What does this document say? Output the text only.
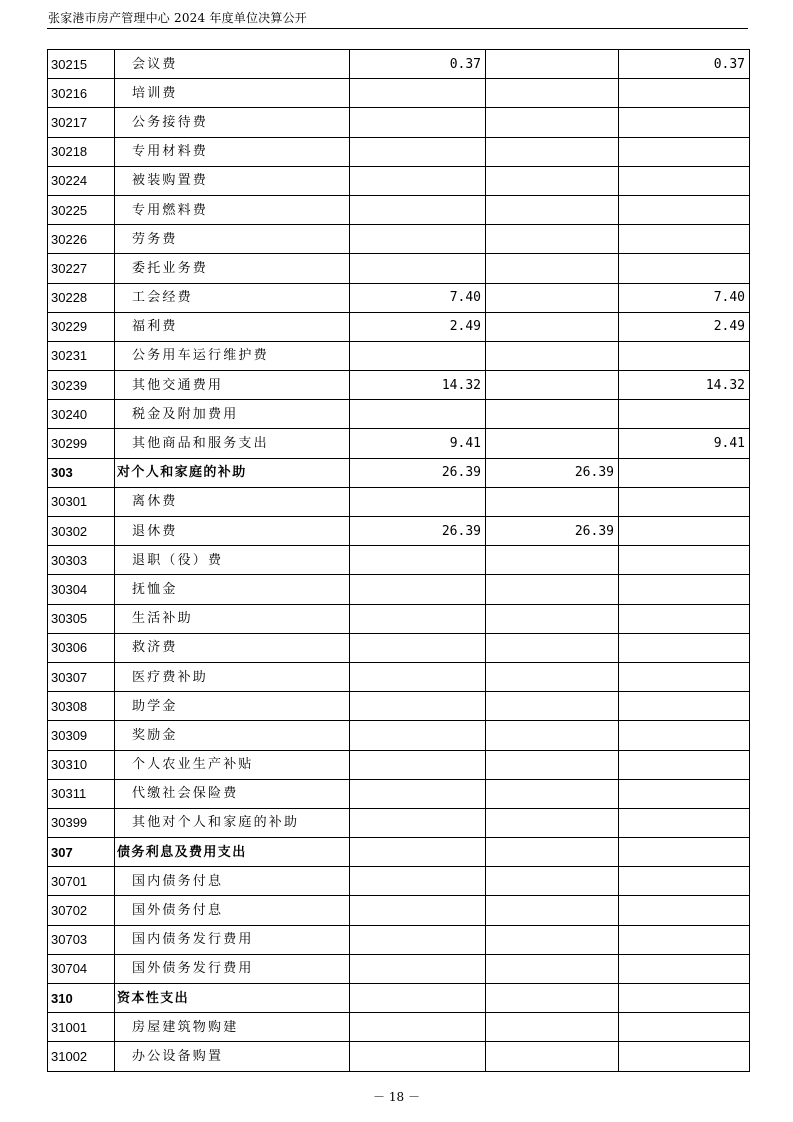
张家港市房产管理中心 2024 年度单位决算公开
30215	会议费	0.37		0.37
30216	培训费			
30217	公务接待费			
30218	专用材料费			
30224	被装购置费			
30225	专用燃料费			
30226	劳务费			
30227	委托业务费			
30228	工会经费	7.40		7.40
30229	福利费	2.49		2.49
30231	公务用车运行维护费			
30239	其他交通费用	14.32		14.32
30240	税金及附加费用			
30299	其他商品和服务支出	9.41		9.41
303	对个人和家庭的补助	26.39	26.39	
30301	离休费			
30302	退休费	26.39	26.39	
30303	退职（役）费			
30304	抚恤金			
30305	生活补助			
30306	救济费			
30307	医疗费补助			
30308	助学金			
30309	奖励金			
30310	个人农业生产补贴			
30311	代缴社会保险费			
30399	其他对个人和家庭的补助			
307	债务利息及费用支出			
30701	国内债务付息			
30702	国外债务付息			
30703	国内债务发行费用			
30704	国外债务发行费用			
310	资本性支出			
31001	房屋建筑物购建			
31002	办公设备购置			
－ 18 －
